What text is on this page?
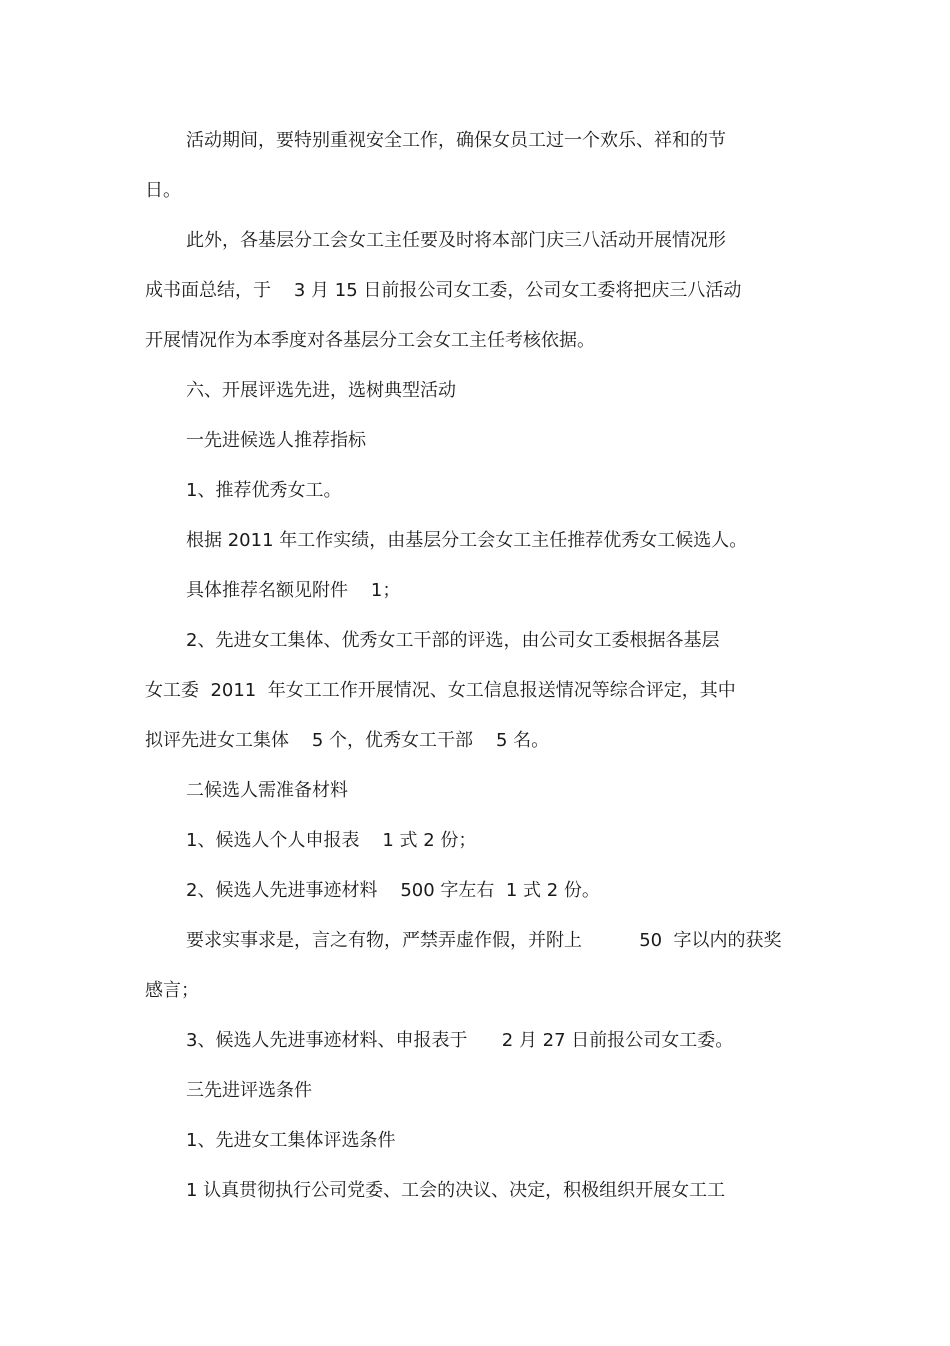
活动期间，要特别重视安全工作，确保女员工过一个欢乐、祥和的节
日。
此外，各基层分工会女工主任要及时将本部门庆三八活动开展情况形
成书面总结，于    3 月 15 日前报公司女工委，公司女工委将把庆三八活动
开展情况作为本季度对各基层分工会女工主任考核依据。
六、开展评选先进，选树典型活动
一先进候选人推荐指标
1、推荐优秀女工。
根据 2011 年工作实绩，由基层分工会女工主任推荐优秀女工候选人。
具体推荐名额见附件    1；
2、先进女工集体、优秀女工干部的评选，由公司女工委根据各基层
女工委  2011  年女工工作开展情况、女工信息报送情况等综合评定，其中
拟评先进女工集体    5 个，优秀女工干部    5 名。
二候选人需准备材料
1、候选人个人申报表    1 式 2 份；
2、候选人先进事迹材料    500 字左右  1 式 2 份。
要求实事求是，言之有物，严禁弄虚作假，并附上          50  字以内的获奖
感言；
3、候选人先进事迹材料、申报表于      2 月 27 日前报公司女工委。
三先进评选条件
1、先进女工集体评选条件
1 认真贯彻执行公司党委、工会的决议、决定，积极组织开展女工工
